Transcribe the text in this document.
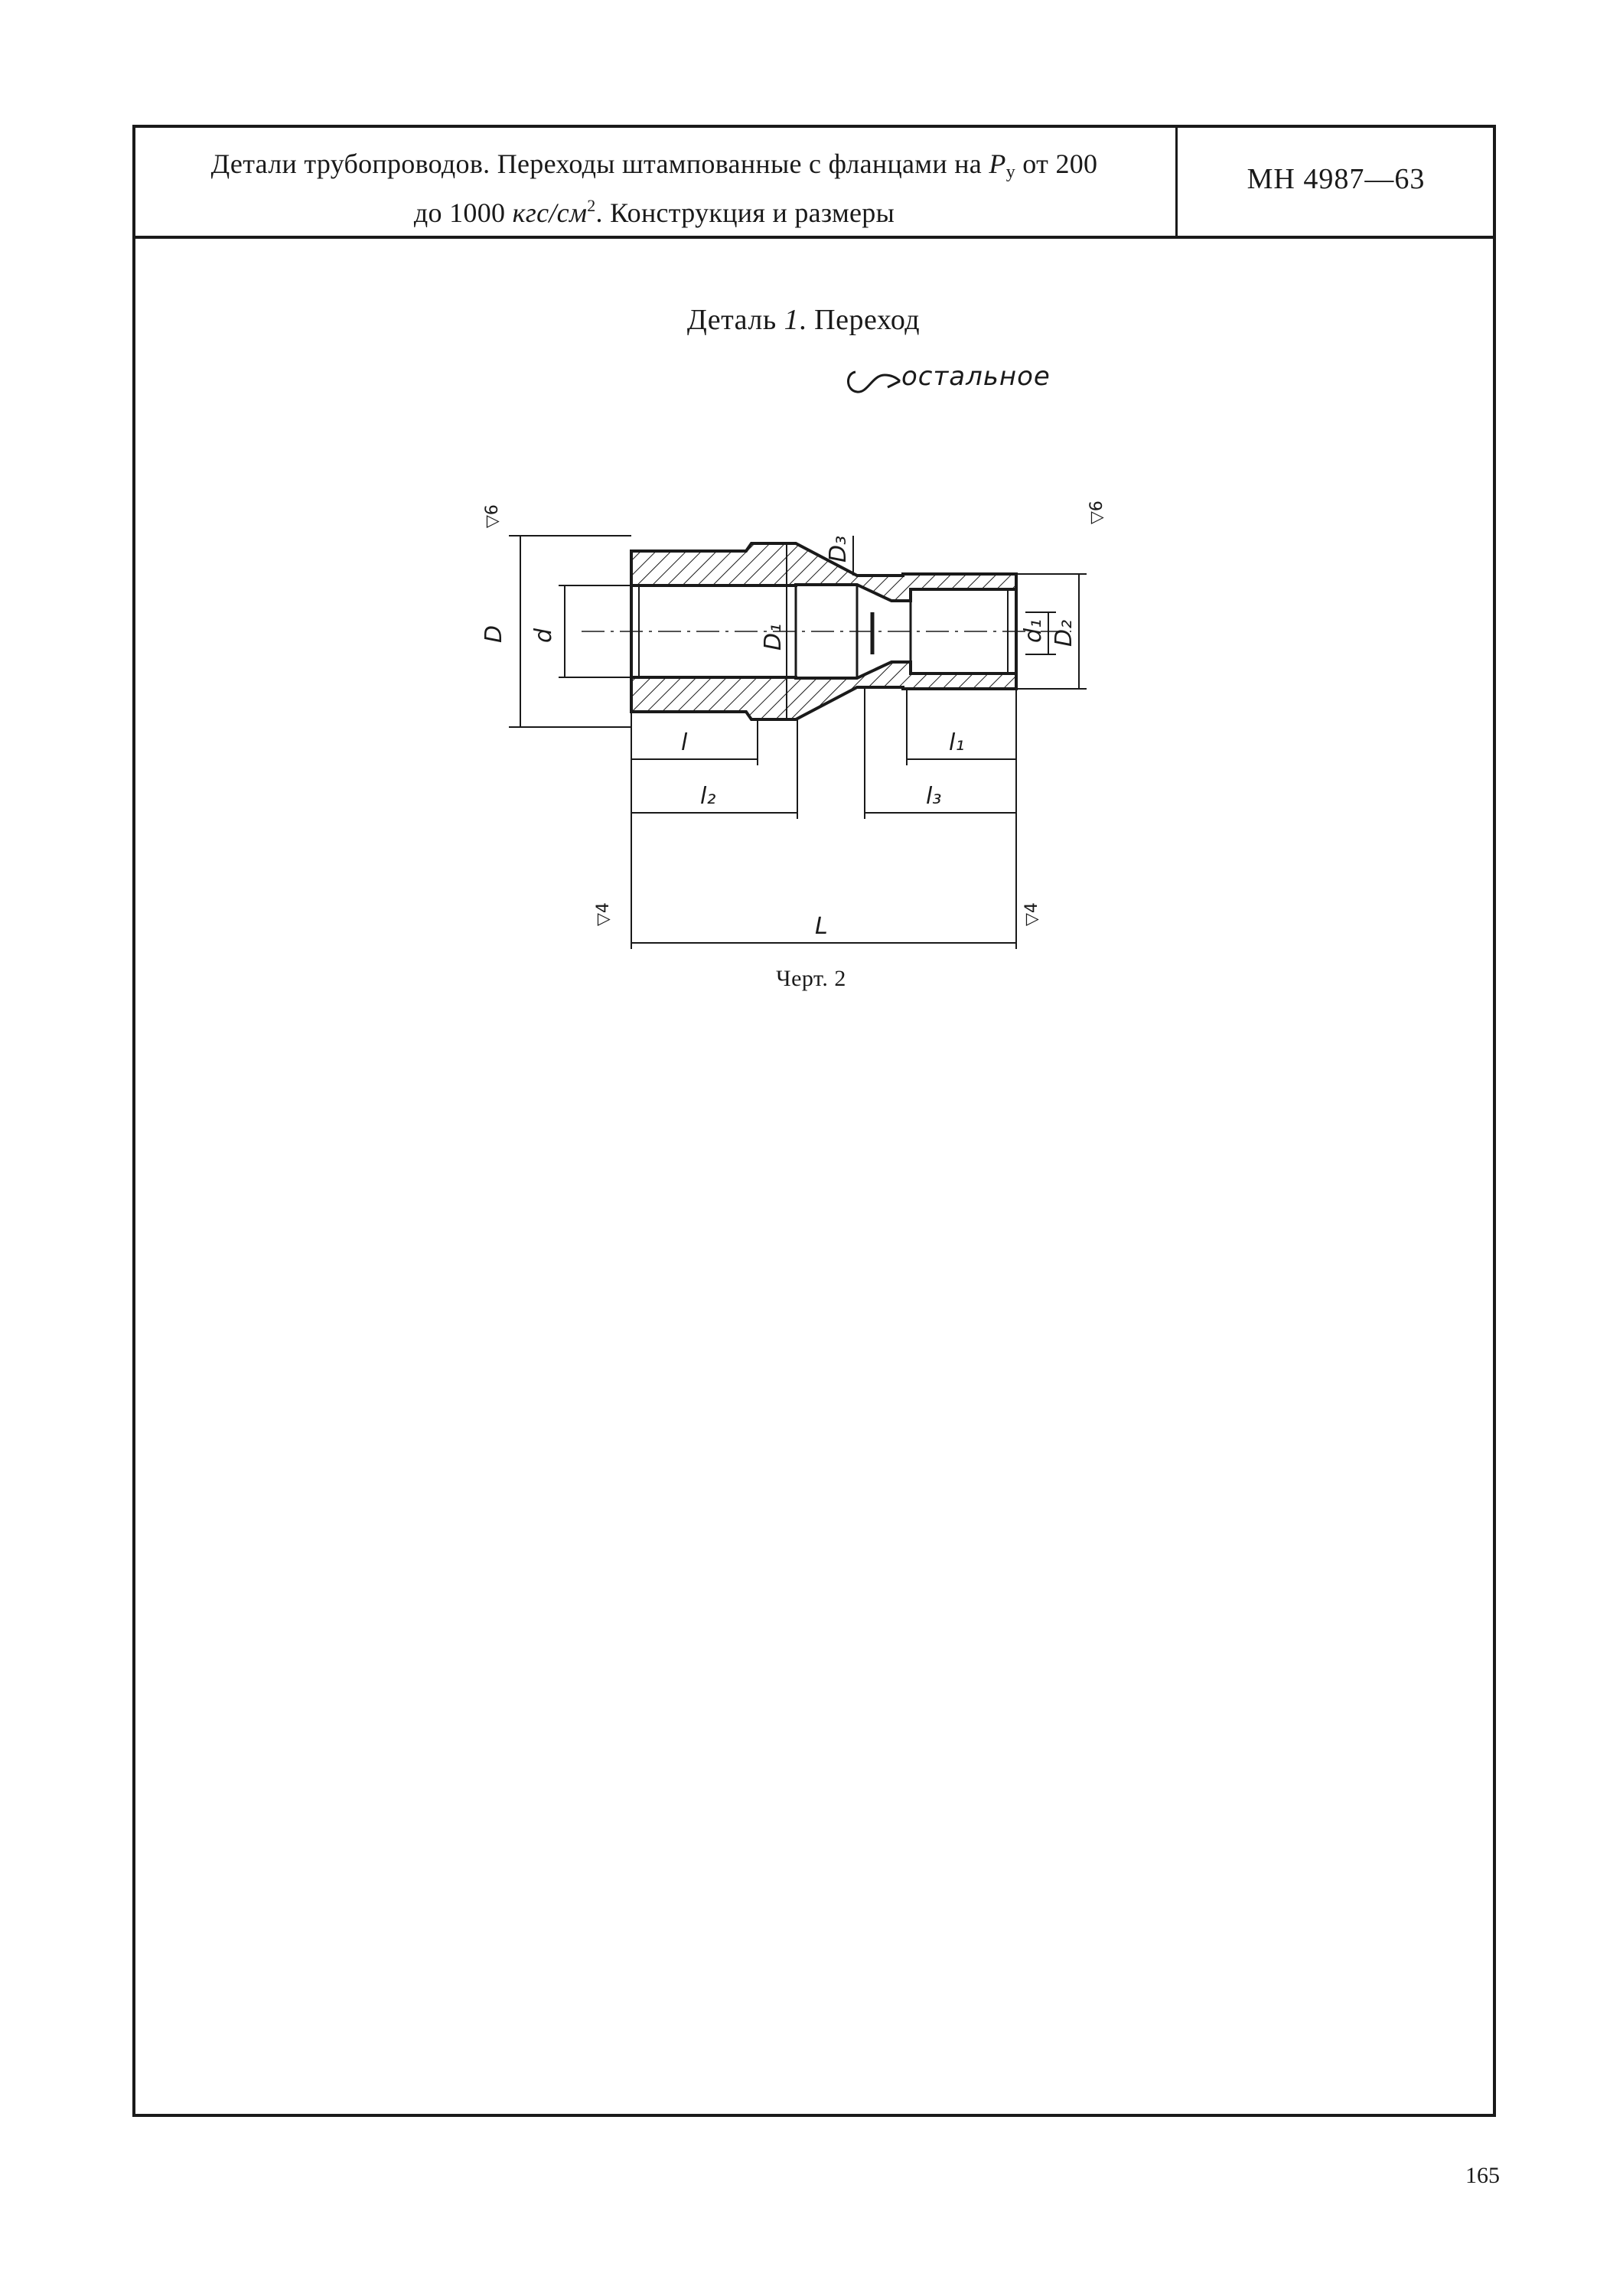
Детали трубопроводов. Переходы штампованные с фланцами на $P_у$ от 200
до 1000 кгс/$см^2$. Конструкция и размеры
МН 4987—63
Деталь 1. Переход
остальное
D d	D₁
D₃
d₁ D₂
l	l₁
l₂	l₃
L
▽6	▽6
▽4	▽4
Черт. 2
165
